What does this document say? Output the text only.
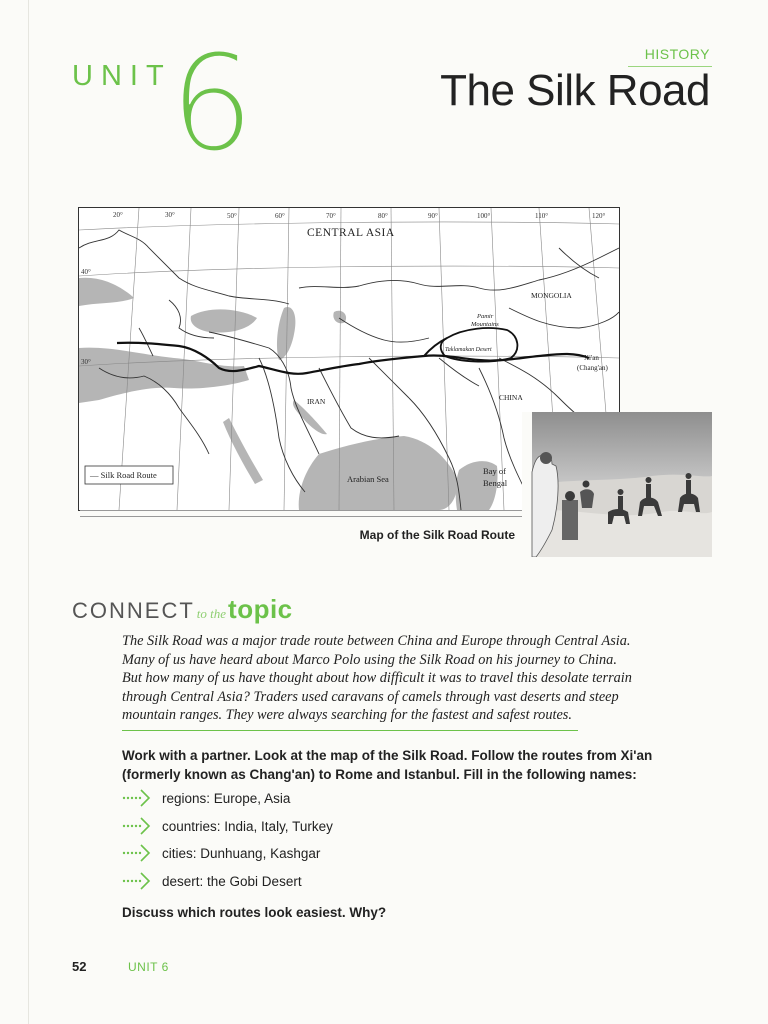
HISTORY
UNIT
6	The Silk Road
20°	30°	50°	60°	70°	80°	90°	100°	110°	120°
40°
30°
CENTRAL ASIA
MONGOLIA
Pamir
Mountains
Taklamakan Desert
Xi'an
(Chang'an)
CHINA
IRAN
Arabian Sea
Bay of
Bengal
— Silk Road Route
Map of the Silk Road Route
CONNECT to thetopic
The Silk Road was a major trade route between China and Europe through Central Asia.
Many of us have heard about Marco Polo using the Silk Road on his journey to China.
But how many of us have thought about how difficult it was to travel this desolate terrain
through Central Asia? Traders used caravans of camels through vast deserts and steep
mountain ranges. They were always searching for the fastest and safest routes.
Work with a partner. Look at the map of the Silk Road. Follow the routes from Xi'an
(formerly known as Chang'an) to Rome and Istanbul. Fill in the following names:
regions: Europe, Asia
countries: India, Italy, Turkey
cities: Dunhuang, Kashgar
desert: the Gobi Desert
Discuss which routes look easiest. Why?
52	UNIT 6
